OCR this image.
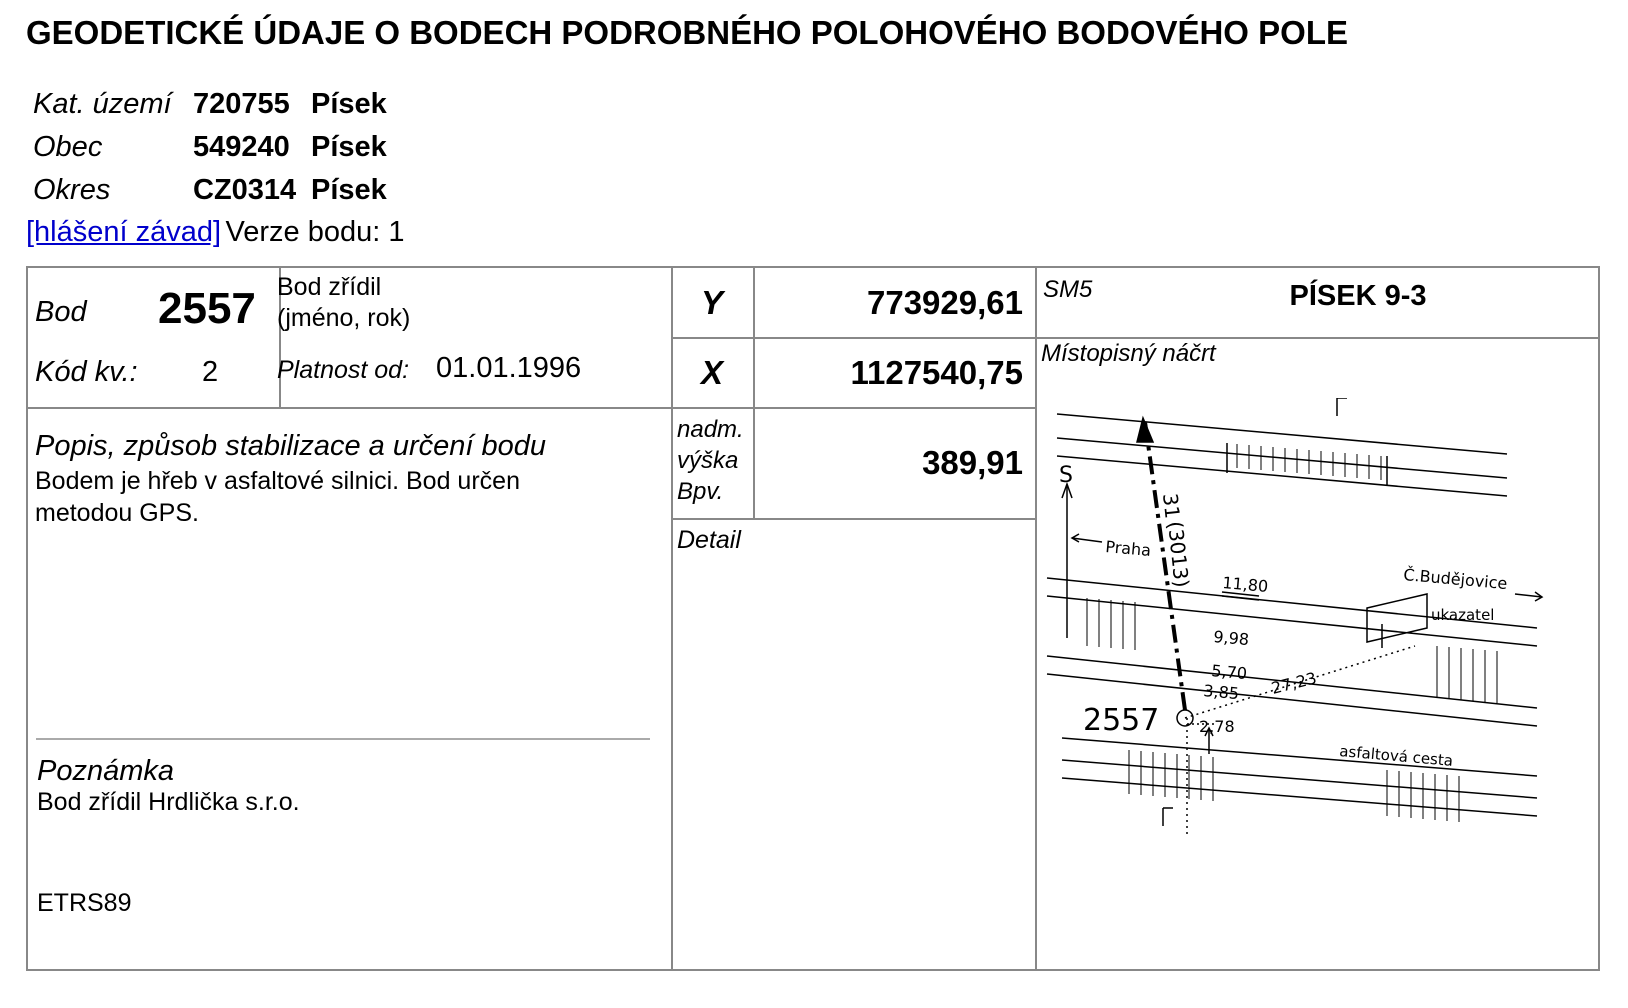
GEODETICKÉ ÚDAJE O BODECH PODROBNÉHO POLOHOVÉHO BODOVÉHO POLE
Kat. území 720755 Písek
Obec	549240 Písek
Okres	CZ0314 Písek
[hlášení závad] Verze bodu: 1
Bod 2557
Kód kv.: 2
Bod zřídil
(jméno, rok)
Platnost od: 01.01.1996
Y	773929,61
X	1127540,75
nadm.
výška
Bpv.
389,91
Detail
SM5	PÍSEK 9-3
Místopisný náčrt
Popis, způsob stabilizace a určení bodu
Bodem je hřeb v asfaltové silnici. Bod určen
metodou GPS.
Poznámka
Bod zřídil Hrdlička s.r.o.
ETRS89
S
Praha
Č.Budějovice
31
(3013) 11,80
ukazatel
9,98
5,70 27,23
3,85
2557 2,78
asfaltová cesta
